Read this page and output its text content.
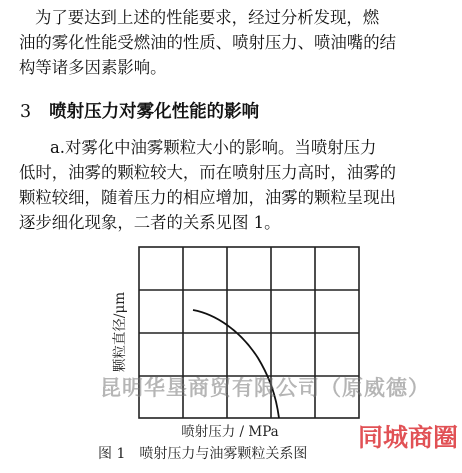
为了要达到上述的性能要求，经过分析发现，燃
油的雾化性能受燃油的性质、喷射压力、喷油嘴的结
构等诸多因素影响。
3 喷射压力对雾化性能的影响
a.对雾化中油雾颗粒大小的影响。当喷射压力
低时，油雾的颗粒较大，而在喷射压力高时，油雾的
颗粒较细，随着压力的相应增加，油雾的颗粒呈现出
逐步细化现象，二者的关系见图 1。
颗粒直径/μm
喷射压力 / MPa
图 1 喷射压力与油雾颗粒关系图
昆明华垦商贸有限公司（原威德）
同城商圈
